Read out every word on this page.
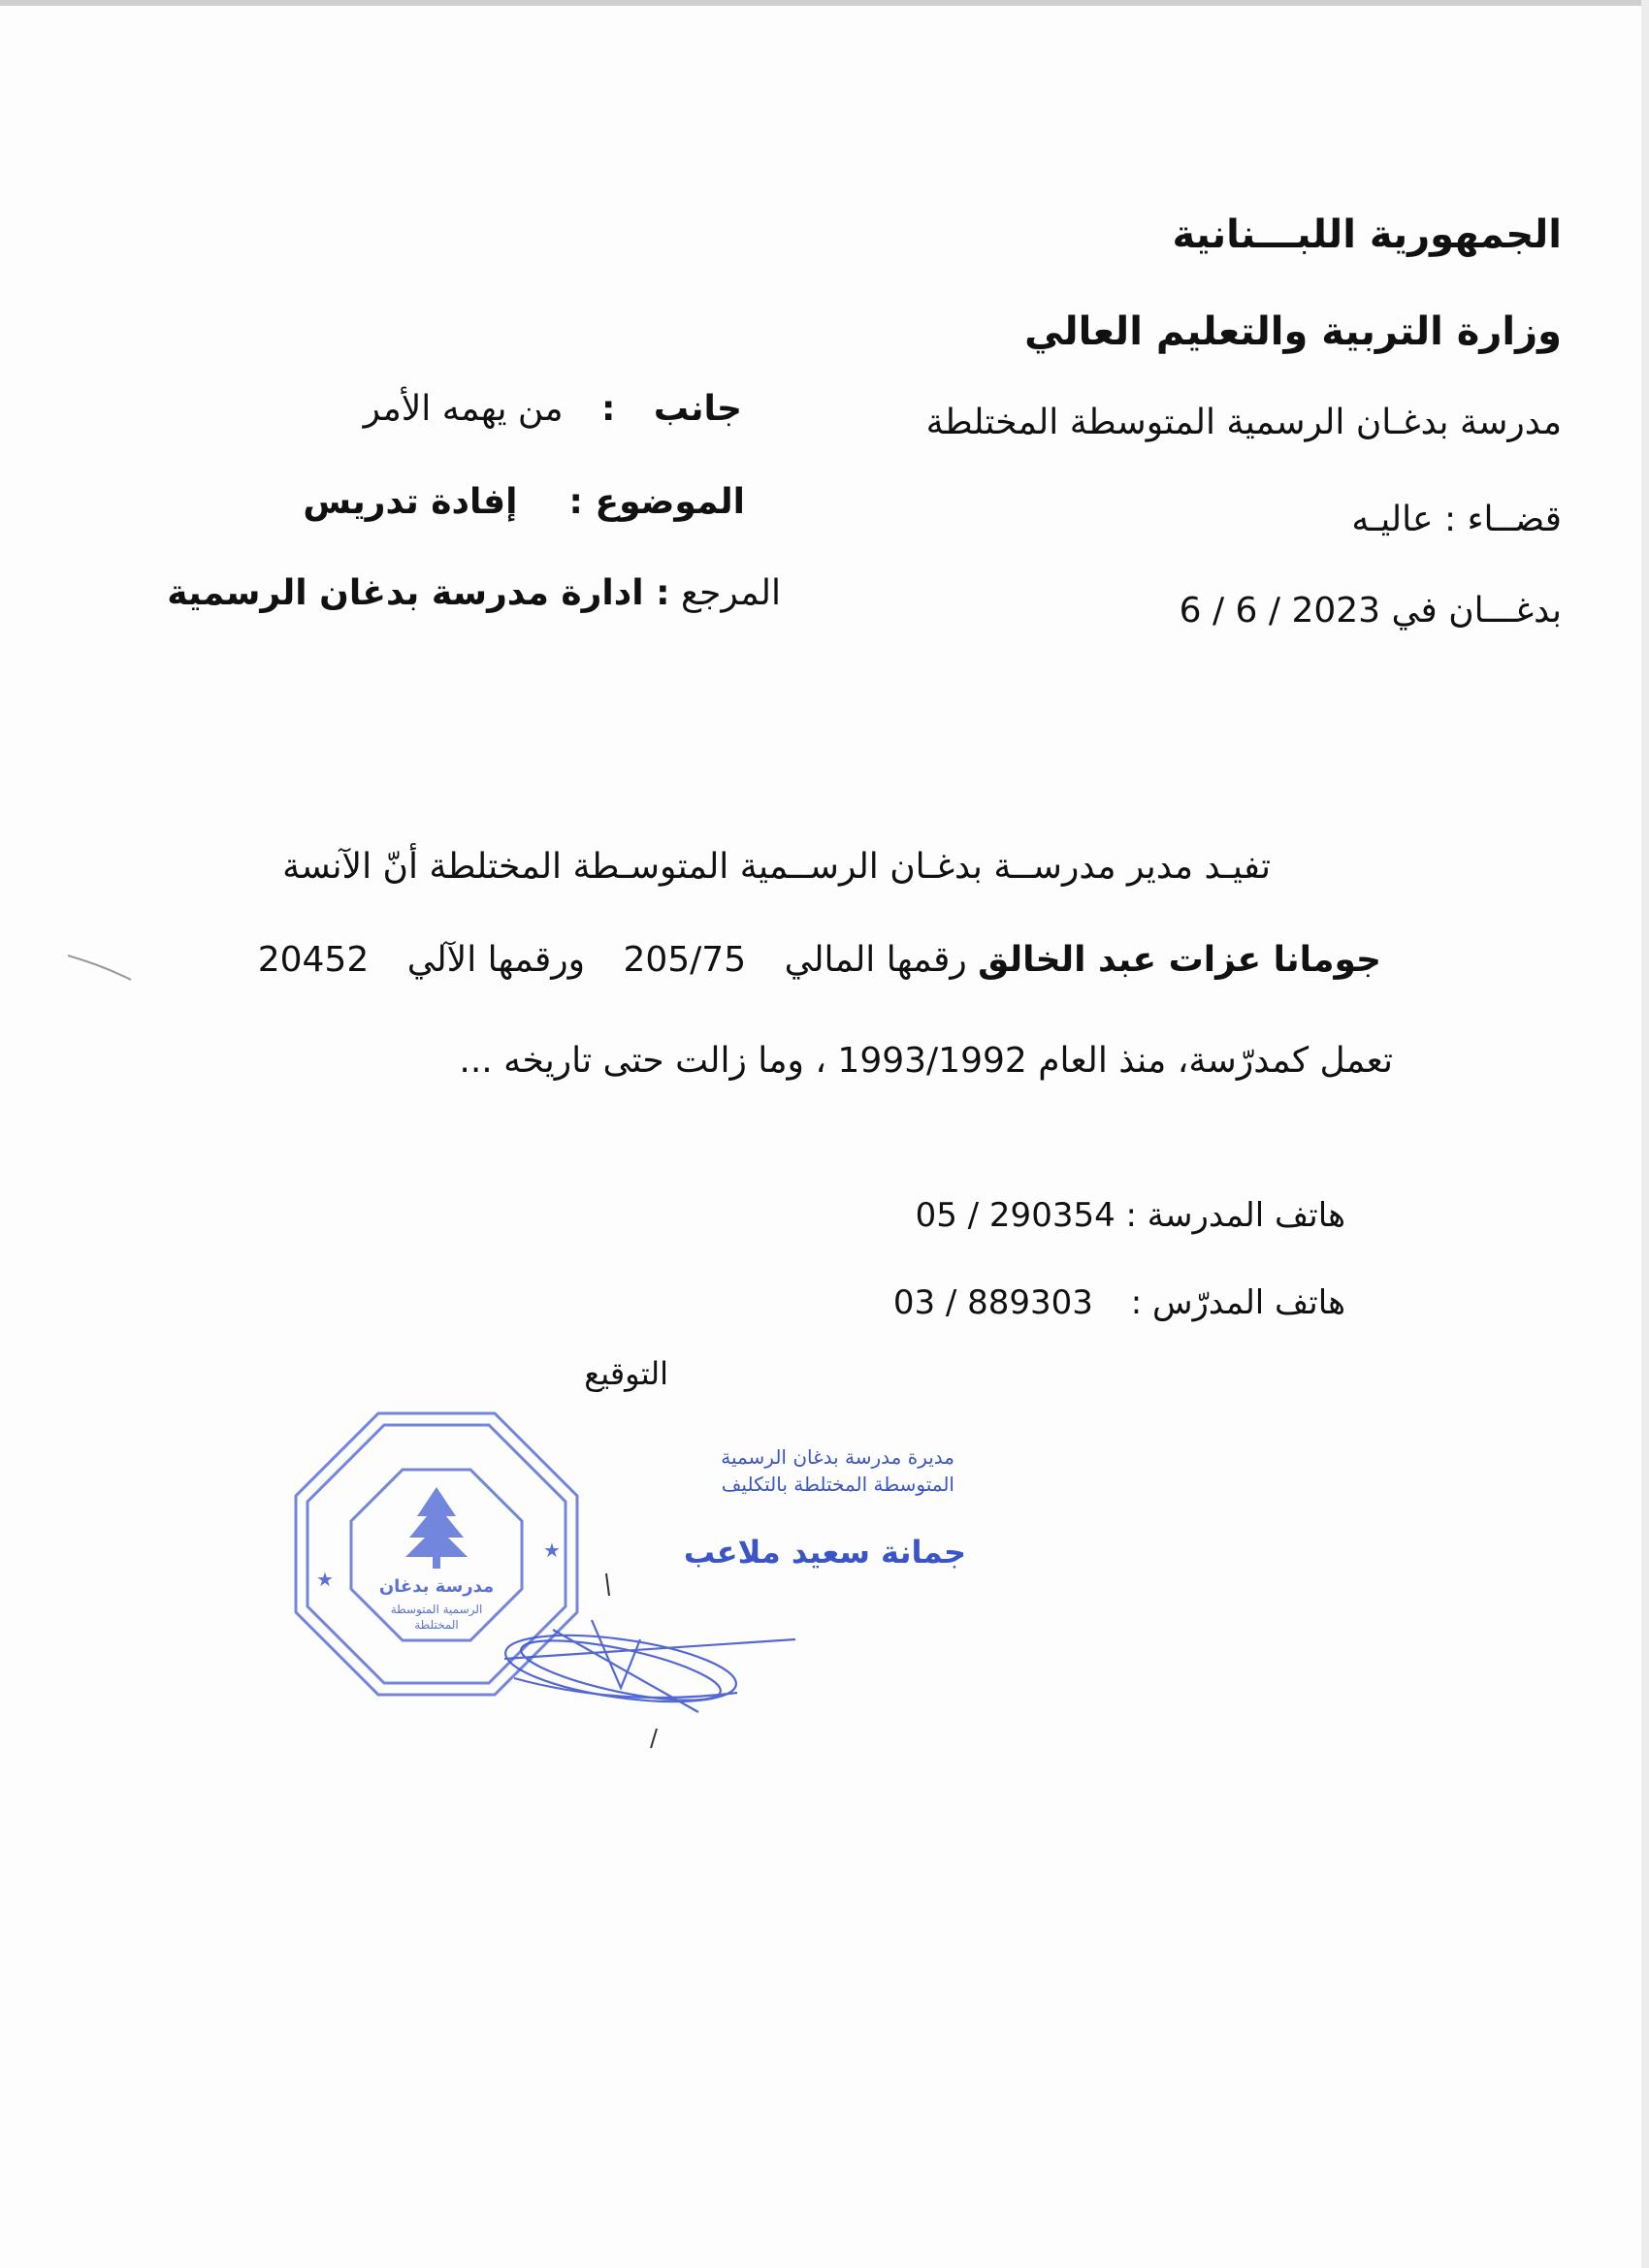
الجمهورية اللبـــنانية
وزارة التربية والتعليم العالي
مدرسة بدغـان الرسمية المتوسطة المختلطة
قضــاء : عاليـه
بدغـــان في 6 / 6 / 2023
جانب : من يهمه الأمر
الموضوع :  إفادة تدريس
المرجع : ادارة مدرسة بدغان الرسمية
تفيـد مدير مدرســة بدغـان الرســمية المتوسـطة المختلطة أنّ الآنسة
جومانا عزات عبد الخالق رقمها المالي 205/75 ورقمها الآلي 20452
تعمل كمدرّسة، منذ العام 1993/1992 ، وما زالت حتى تاريخه ...
هاتف المدرسة : 05 / 290354
هاتف المدرّس : 03 / 889303
التوقيع
مديرة مدرسة بدغان الرسمية
المتوسطة المختلطة بالتكليف
جمانة سعيد ملاعب
مدرسة بدغان
الرسمية المتوسطة
المختلطة
★
★
